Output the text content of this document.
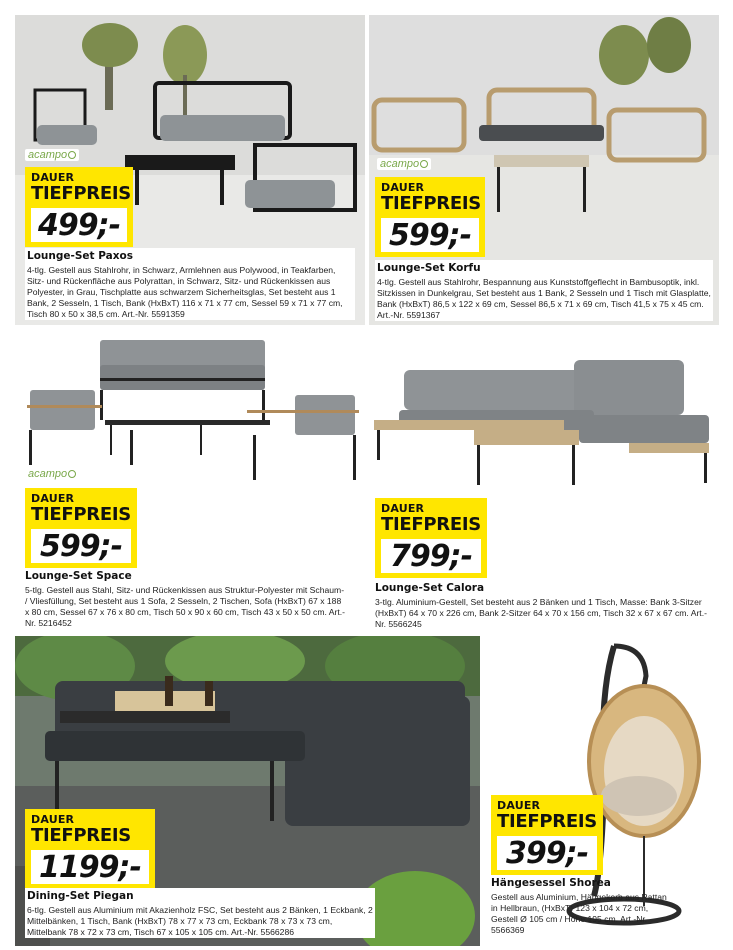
acampo
DAUER
TIEFPREIS
499;-
Lounge-Set Paxos

4-tlg. Gestell aus Stahlrohr, in Schwarz, Armlehnen aus Polywood, in Teakfarben, Sitz- und Rückenfläche aus Polyrattan, in Schwarz, Sitz- und Rückenkissen aus Polyester, in Grau, Tischplatte aus schwarzem Sicherheitsglas, Set besteht aus 1 Bank, 2 Sesseln, 1 Tisch, Bank (HxBxT) 116 x 71 x 77 cm, Sessel 59 x 71 x 77 cm, Tisch 80 x 50 x 38,5 cm. Art.-Nr. 5591359

acampo
DAUER
TIEFPREIS
599;-
Lounge-Set Korfu

4-tlg. Gestell aus Stahlrohr, Bespannung aus Kunststoffgeflecht in Bambusoptik, inkl. Sitzkissen in Dunkelgrau, Set besteht aus 1 Bank, 2 Sesseln und 1 Tisch mit Glasplatte, Bank (HxBxT) 86,5 x 122 x 69 cm, Sessel 86,5 x 71 x 69 cm, Tisch 41,5 x 75 x 45 cm. Art.-Nr. 5591367

acampo
DAUER
TIEFPREIS
599;-
Lounge-Set Space

5-tlg. Gestell aus Stahl, Sitz- und Rückenkissen aus Struktur-Polyester mit Schaum- / Vliesfüllung, Set besteht aus 1 Sofa, 2 Sesseln, 2 Tischen, Sofa (HxBxT) 67 x 188 x 80 cm, Sessel 67 x 76 x 80 cm, Tisch 50 x 90 x 60 cm, Tisch 43 x 50 x 50 cm. Art.-Nr. 5216452

DAUER
TIEFPREIS
799;-
Lounge-Set Calora

3-tlg. Aluminium-Gestell, Set besteht aus 2 Bänken und 1 Tisch, Masse: Bank 3-Sitzer (HxBxT) 64 x 70 x 226 cm, Bank 2-Sitzer 64 x 70 x 156 cm, Tisch 32 x 67 x 67 cm. Art.-Nr. 5566245

DAUER
TIEFPREIS
1199;-
Dining-Set Piegan

6-tlg. Gestell aus Aluminium mit Akazienholz FSC, Set besteht aus 2 Bänken, 1 Eckbank, 2 Mittelbänken, 1 Tisch, Bank (HxBxT) 78 x 77 x 73 cm, Eckbank 78 x 73 x 73 cm, Mittelbank 78 x 72 x 73 cm, Tisch 67 x 105 x 105 cm. Art.-Nr. 5566286

DAUER
TIEFPREIS
399;-
Hängesessel Shorea

Gestell aus Aluminium, Hängekorb aus Rattan in Hellbraun, (HxBxT) 123 x 104 x 72 cm, Gestell Ø 105 cm / Höhe 195 cm. Art.-Nr. 5566369
